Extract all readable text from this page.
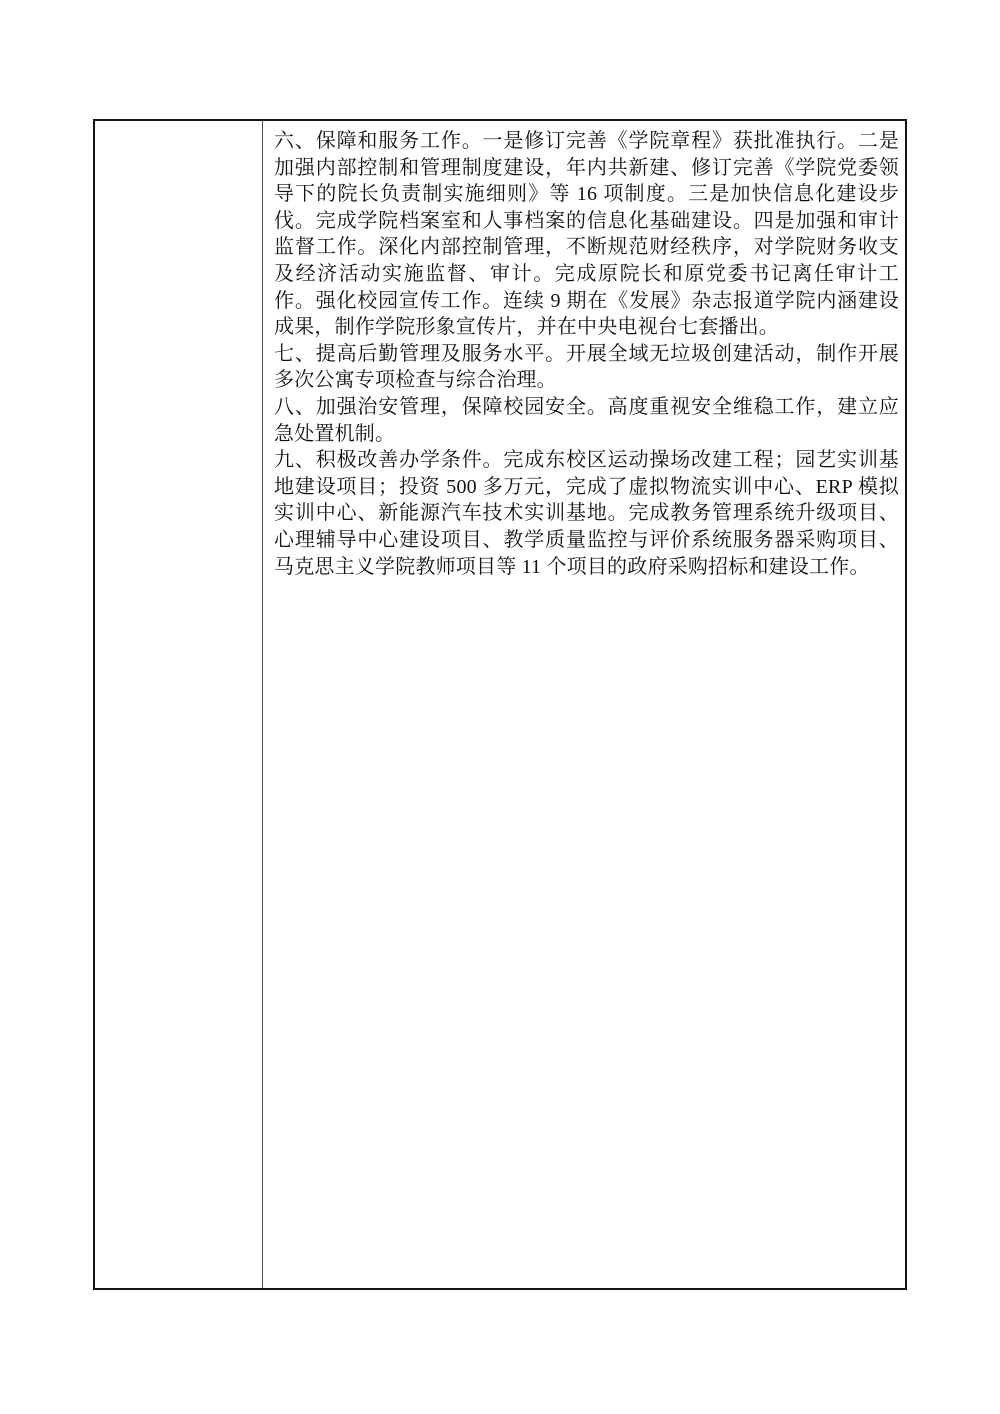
六、保障和服务工作。一是修订完善《学院章程》获批准执行。二是加强内部控制和管理制度建设，年内共新建、修订完善《学院党委领导下的院长负责制实施细则》等 16 项制度。三是加快信息化建设步伐。完成学院档案室和人事档案的信息化基础建设。四是加强和审计监督工作。深化内部控制管理，不断规范财经秩序，对学院财务收支及经济活动实施监督、审计。完成原院长和原党委书记离任审计工作。强化校园宣传工作。连续 9 期在《发展》杂志报道学院内涵建设成果，制作学院形象宣传片，并在中央电视台七套播出。

七、提高后勤管理及服务水平。开展全域无垃圾创建活动，制作开展多次公寓专项检查与综合治理。

八、加强治安管理，保障校园安全。高度重视安全维稳工作，建立应急处置机制。

九、积极改善办学条件。完成东校区运动操场改建工程；园艺实训基地建设项目；投资 500 多万元，完成了虚拟物流实训中心、ERP 模拟实训中心、新能源汽车技术实训基地。完成教务管理系统升级项目、心理辅导中心建设项目、教学质量监控与评价系统服务器采购项目、马克思主义学院教师项目等 11 个项目的政府采购招标和建设工作。
